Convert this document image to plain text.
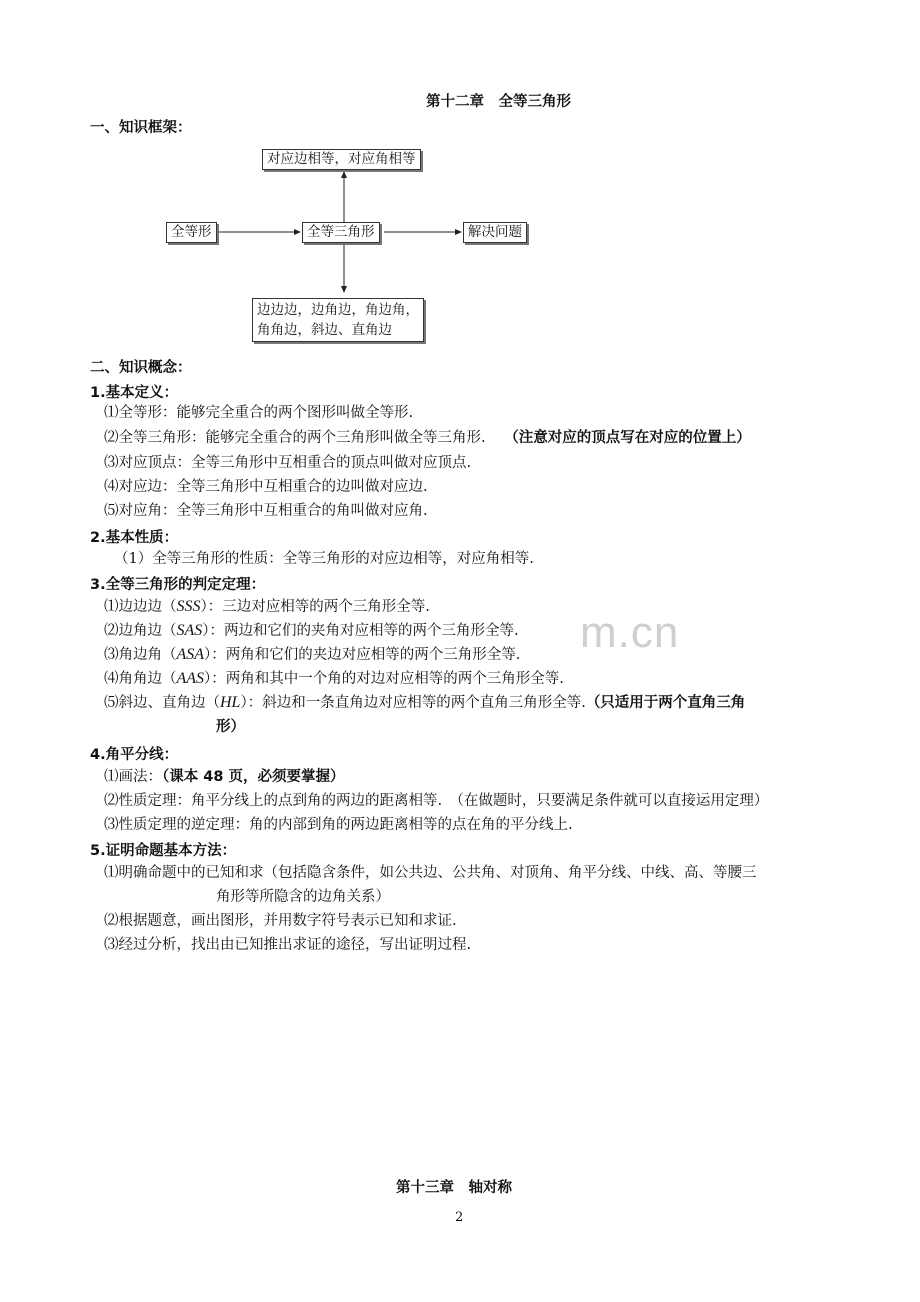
第十二章　全等三角形
一、知识框架：
对应边相等，对应角相等
全等形	全等三角形	解决问题
边边边，边角边，角边角，
角角边，斜边、直角边
二、知识概念：
1.基本定义：
⑴全等形：能够完全重合的两个图形叫做全等形.
⑵全等三角形：能够完全重合的两个三角形叫做全等三角形. （注意对应的顶点写在对应的位置上）
⑶对应顶点：全等三角形中互相重合的顶点叫做对应顶点.
⑷对应边：全等三角形中互相重合的边叫做对应边.
⑸对应角：全等三角形中互相重合的角叫做对应角.
2.基本性质：
（1）全等三角形的性质：全等三角形的对应边相等，对应角相等.
3.全等三角形的判定定理：
⑴边边边（SSS）：三边对应相等的两个三角形全等.
⑵边角边（SAS）：两边和它们的夹角对应相等的两个三角形全等.
⑶角边角（ASA）：两角和它们的夹边对应相等的两个三角形全等.
⑷角角边（AAS）：两角和其中一个角的对边对应相等的两个三角形全等.
⑸斜边、直角边（HL）：斜边和一条直角边对应相等的两个直角三角形全等.（只适用于两个直角三角
形）
m.cn
4.角平分线：
⑴画法：（课本 48 页，必须要掌握）
⑵性质定理：角平分线上的点到角的两边的距离相等.　（在做题时，只要满足条件就可以直接运用定理）
⑶性质定理的逆定理：角的内部到角的两边距离相等的点在角的平分线上.
5.证明命题基本方法：
⑴明确命题中的已知和求（包括隐含条件，如公共边、公共角、对顶角、角平分线、中线、高、等腰三
角形等所隐含的边角关系）
⑵根据题意，画出图形，并用数字符号表示已知和求证.
⑶经过分析，找出由已知推出求证的途径，写出证明过程.
第十三章　轴对称
2
